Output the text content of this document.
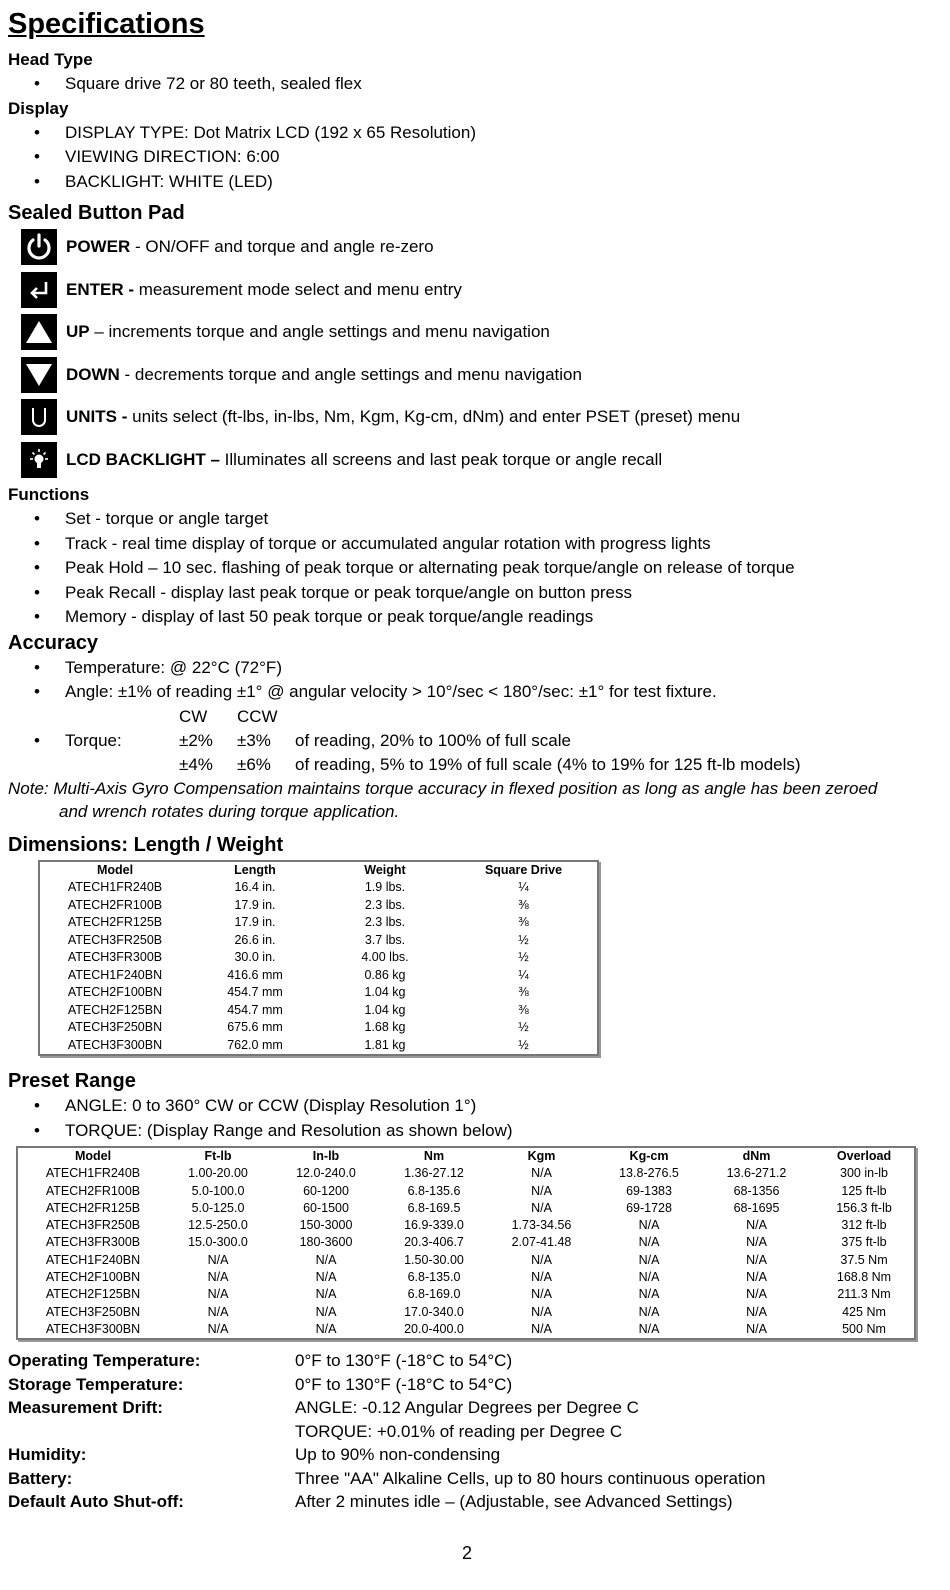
Specifications
Head Type
• Square drive 72 or 80 teeth, sealed flex
Display
• DISPLAY TYPE: Dot Matrix LCD (192 x 65 Resolution)
• VIEWING DIRECTION: 6:00
• BACKLIGHT: WHITE (LED)
Sealed Button Pad
POWER - ON/OFF and torque and angle re-zero
ENTER - measurement mode select and menu entry
UP – increments torque and angle settings and menu navigation
DOWN - decrements torque and angle settings and menu navigation
UNITS - units select (ft-lbs, in-lbs, Nm, Kgm, Kg-cm, dNm) and enter PSET (preset) menu
LCD BACKLIGHT – Illuminates all screens and last peak torque or angle recall
Functions
• Set - torque or angle target
• Track - real time display of torque or accumulated angular rotation with progress lights
• Peak Hold – 10 sec. flashing of peak torque or alternating peak torque/angle on release of torque
• Peak Recall - display last peak torque or peak torque/angle on button press
• Memory - display of last 50 peak torque or peak torque/angle readings
Accuracy
• Temperature: @ 22°C (72°F)
• Angle: ±1% of reading ±1° @ angular velocity > 10°/sec < 180°/sec: ±1° for test fixture.
CW	CCW
• Torque:	±2%	±3%	of reading, 20% to 100% of full scale
±4%	±6%	of reading, 5% to 19% of full scale (4% to 19% for 125 ft-lb models)
Note: Multi-Axis Gyro Compensation maintains torque accuracy in flexed position as long as angle has been zeroed
and wrench rotates during torque application.
Dimensions: Length / Weight
Model	Length	Weight	Square Drive
ATECH1FR240B	16.4 in.	1.9 lbs.	¼
ATECH2FR100B	17.9 in.	2.3 lbs.	⅜
ATECH2FR125B	17.9 in.	2.3 lbs.	⅜
ATECH3FR250B	26.6 in.	3.7 lbs.	½
ATECH3FR300B	30.0 in.	4.00 lbs.	½
ATECH1F240BN	416.6 mm	0.86 kg	¼
ATECH2F100BN	454.7 mm	1.04 kg	⅜
ATECH2F125BN	454.7 mm	1.04 kg	⅜
ATECH3F250BN	675.6 mm	1.68 kg	½
ATECH3F300BN	762.0 mm	1.81 kg	½
Preset Range
• ANGLE: 0 to 360° CW or CCW (Display Resolution 1°)
• TORQUE: (Display Range and Resolution as shown below)
Model	Ft-lb	In-lb	Nm	Kgm	Kg-cm	dNm	Overload
ATECH1FR240B	1.00-20.00	12.0-240.0	1.36-27.12	N/A	13.8-276.5	13.6-271.2	300 in-lb
ATECH2FR100B	5.0-100.0	60-1200	6.8-135.6	N/A	69-1383	68-1356	125 ft-lb
ATECH2FR125B	5.0-125.0	60-1500	6.8-169.5	N/A	69-1728	68-1695	156.3 ft-lb
ATECH3FR250B	12.5-250.0	150-3000	16.9-339.0	1.73-34.56	N/A	N/A	312 ft-lb
ATECH3FR300B	15.0-300.0	180-3600	20.3-406.7	2.07-41.48	N/A	N/A	375 ft-lb
ATECH1F240BN	N/A	N/A	1.50-30.00	N/A	N/A	N/A	37.5 Nm
ATECH2F100BN	N/A	N/A	6.8-135.0	N/A	N/A	N/A	168.8 Nm
ATECH2F125BN	N/A	N/A	6.8-169.0	N/A	N/A	N/A	211.3 Nm
ATECH3F250BN	N/A	N/A	17.0-340.0	N/A	N/A	N/A	425 Nm
ATECH3F300BN	N/A	N/A	20.0-400.0	N/A	N/A	N/A	500 Nm
Operating Temperature:	0°F to 130°F (-18°C to 54°C)
Storage Temperature:	0°F to 130°F (-18°C to 54°C)
Measurement Drift:	ANGLE: -0.12 Angular Degrees per Degree C
TORQUE: +0.01% of reading per Degree C
Humidity:	Up to 90% non-condensing
Battery:	Three "AA" Alkaline Cells, up to 80 hours continuous operation
Default Auto Shut-off:	After 2 minutes idle – (Adjustable, see Advanced Settings)
2
